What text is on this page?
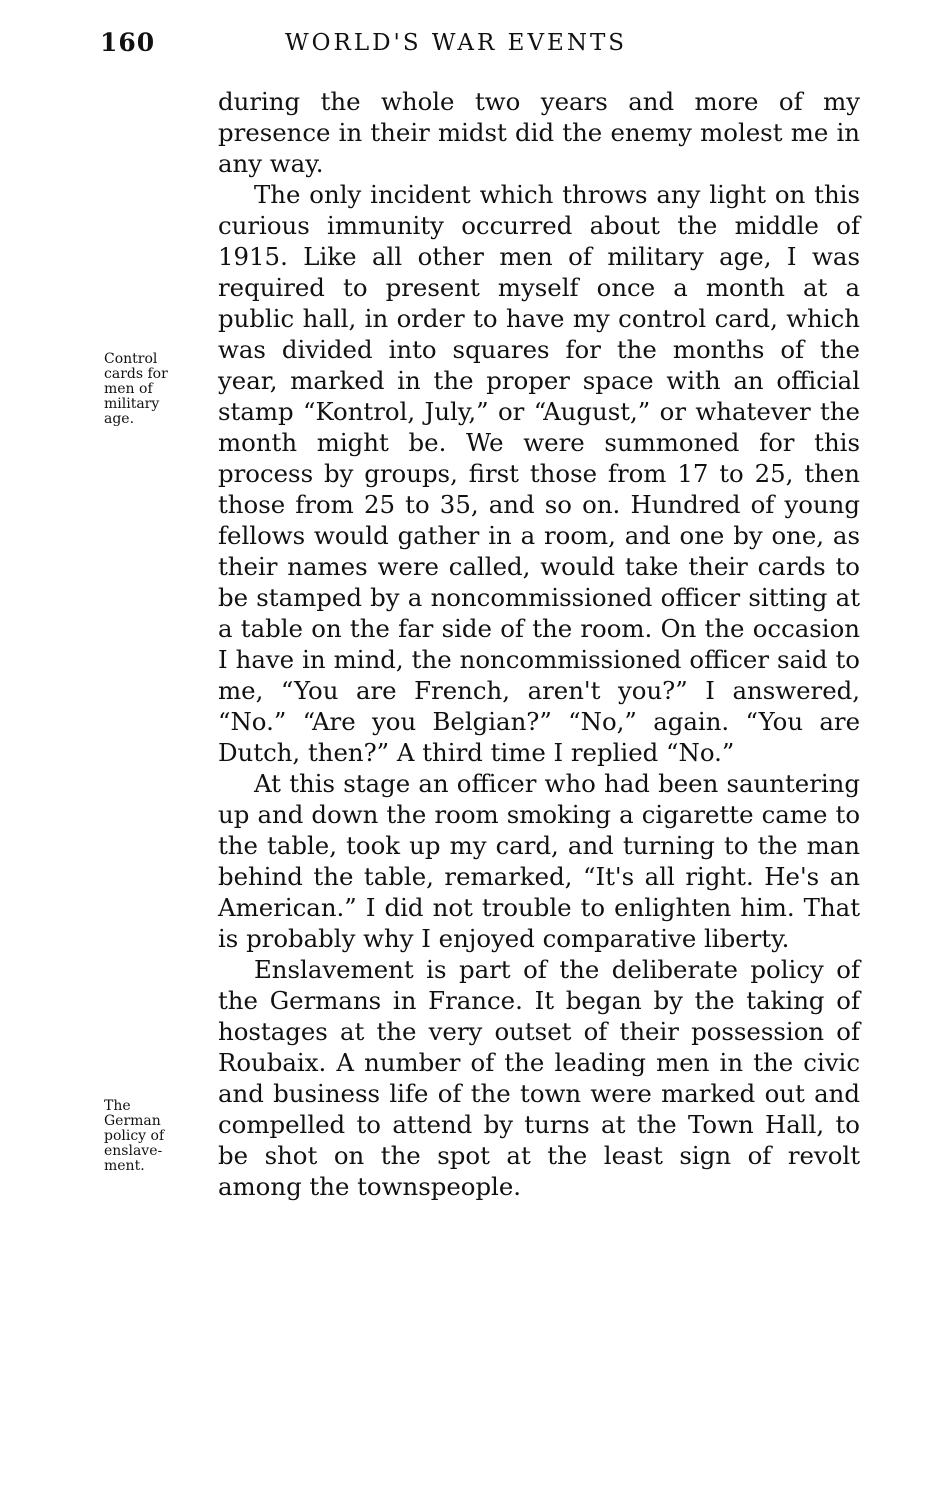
160	WORLD'S WAR EVENTS
Control
cards for
men of
military
age.
The
German
policy of
enslave-
ment.

during the whole two years and more of my presence in their midst did the enemy molest me in any way.

The only incident which throws any light on this curious immunity occurred about the middle of 1915. Like all other men of military age, I was required to present myself once a month at a public hall, in order to have my control card, which was divided into squares for the months of the year, marked in the proper space with an official stamp “Kontrol, July,” or “August,” or whatever the month might be. We were summoned for this process by groups, first those from 17 to 25, then those from 25 to 35, and so on. Hundred of young fellows would gather in a room, and one by one, as their names were called, would take their cards to be stamped by a noncommissioned officer sitting at a table on the far side of the room. On the occasion I have in mind, the noncommissioned officer said to me, “You are French, aren't you?” I answered, “No.” “Are you Belgian?” “No,” again. “You are Dutch, then?” A third time I replied “No.”

At this stage an officer who had been sauntering up and down the room smoking a cigarette came to the table, took up my card, and turning to the man behind the table, remarked, “It's all right. He's an American.” I did not trouble to enlighten him. That is probably why I enjoyed comparative liberty.

Enslavement is part of the deliberate policy of the Germans in France. It began by the taking of hostages at the very outset of their possession of Roubaix. A number of the leading men in the civic and business life of the town were marked out and compelled to attend by turns at the Town Hall, to be shot on the spot at the least sign of revolt among the townspeople.
